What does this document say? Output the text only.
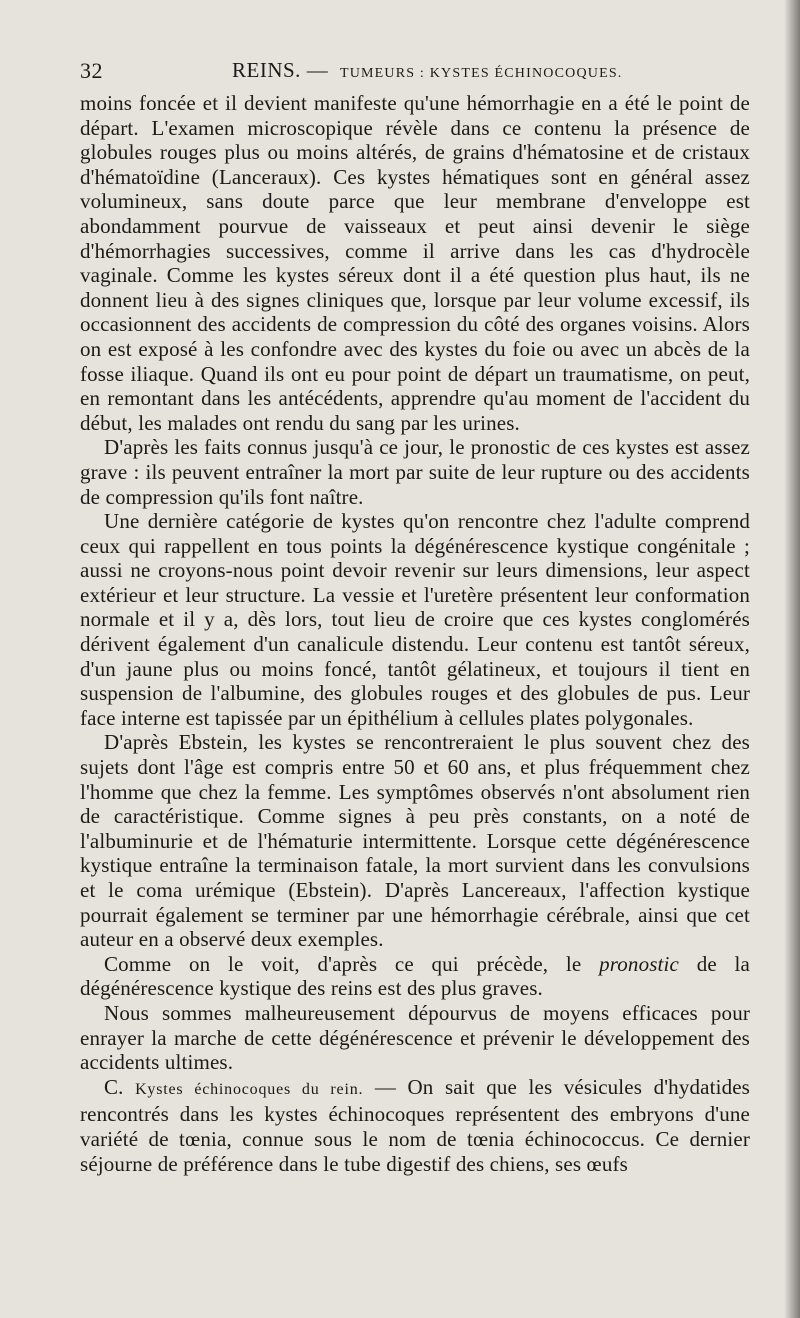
32	REINS. — TUMEURS : KYSTES ÉCHINOCOQUES.

moins foncée et il devient manifeste qu'une hémorrhagie en a été le point de départ. L'examen microscopique révèle dans ce contenu la présence de globules rouges plus ou moins altérés, de grains d'hématosine et de cristaux d'hématoïdine (Lanceraux). Ces kystes hématiques sont en général assez volumineux, sans doute parce que leur membrane d'enveloppe est abondamment pourvue de vaisseaux et peut ainsi devenir le siège d'hémorrhagies successives, comme il arrive dans les cas d'hydrocèle vaginale. Comme les kystes séreux dont il a été question plus haut, ils ne donnent lieu à des signes cliniques que, lorsque par leur volume excessif, ils occasionnent des accidents de compression du côté des organes voisins. Alors on est exposé à les confondre avec des kystes du foie ou avec un abcès de la fosse iliaque. Quand ils ont eu pour point de départ un traumatisme, on peut, en remontant dans les antécédents, apprendre qu'au moment de l'accident du début, les malades ont rendu du sang par les urines.

D'après les faits connus jusqu'à ce jour, le pronostic de ces kystes est assez grave : ils peuvent entraîner la mort par suite de leur rupture ou des accidents de compression qu'ils font naître.

Une dernière catégorie de kystes qu'on rencontre chez l'adulte comprend ceux qui rappellent en tous points la dégénérescence kystique congénitale ; aussi ne croyons-nous point devoir revenir sur leurs dimensions, leur aspect extérieur et leur structure. La vessie et l'uretère présentent leur conformation normale et il y a, dès lors, tout lieu de croire que ces kystes conglomérés dérivent également d'un canalicule distendu. Leur contenu est tantôt séreux, d'un jaune plus ou moins foncé, tantôt gélatineux, et toujours il tient en suspension de l'albumine, des globules rouges et des globules de pus. Leur face interne est tapissée par un épithélium à cellules plates polygonales.

D'après Ebstein, les kystes se rencontreraient le plus souvent chez des sujets dont l'âge est compris entre 50 et 60 ans, et plus fréquemment chez l'homme que chez la femme. Les symptômes observés n'ont absolument rien de caractéristique. Comme signes à peu près constants, on a noté de l'albuminurie et de l'hématurie intermittente. Lorsque cette dégénérescence kystique entraîne la terminaison fatale, la mort survient dans les convulsions et le coma urémique (Ebstein). D'après Lancereaux, l'affection kystique pourrait également se terminer par une hémorrhagie cérébrale, ainsi que cet auteur en a observé deux exemples.

Comme on le voit, d'après ce qui précède, le pronostic de la dégénérescence kystique des reins est des plus graves.

Nous sommes malheureusement dépourvus de moyens efficaces pour enrayer la marche de cette dégénérescence et prévenir le développement des accidents ultimes.

C. Kystes échinocoques du rein. — On sait que les vésicules d'hydatides rencontrés dans les kystes échinocoques représentent des embryons d'une variété de tœnia, connue sous le nom de tœnia échinococcus. Ce dernier séjourne de préférence dans le tube digestif des chiens, ses œufs
